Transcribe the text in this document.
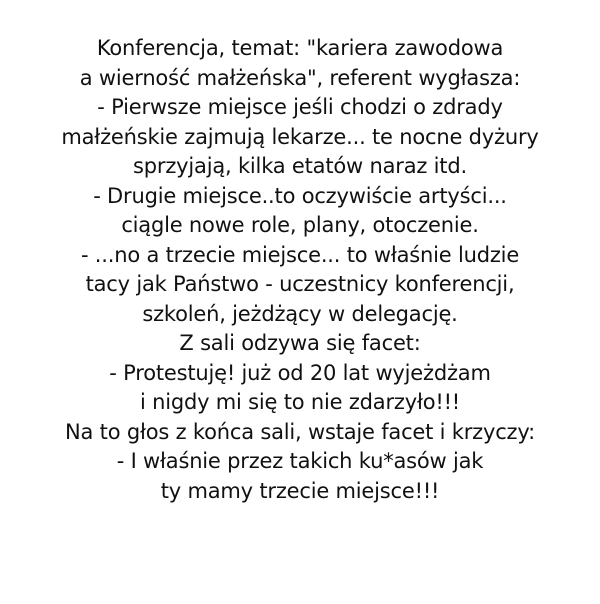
Konferencja, temat: "kariera zawodowa
a wierność małżeńska", referent wygłasza:
- Pierwsze miejsce jeśli chodzi o zdrady
małżeńskie zajmują lekarze... te nocne dyżury
sprzyjają, kilka etatów naraz itd.
- Drugie miejsce..to oczywiście artyści...
ciągle nowe role, plany, otoczenie.
- ...no a trzecie miejsce... to właśnie ludzie
tacy jak Państwo - uczestnicy konferencji,
szkoleń, jeżdżący w delegację.
Z sali odzywa się facet:
- Protestuję! już od 20 lat wyjeżdżam
i nigdy mi się to nie zdarzyło!!!
Na to głos z końca sali, wstaje facet i krzyczy:
- I właśnie przez takich ku*asów jak
ty mamy trzecie miejsce!!!
